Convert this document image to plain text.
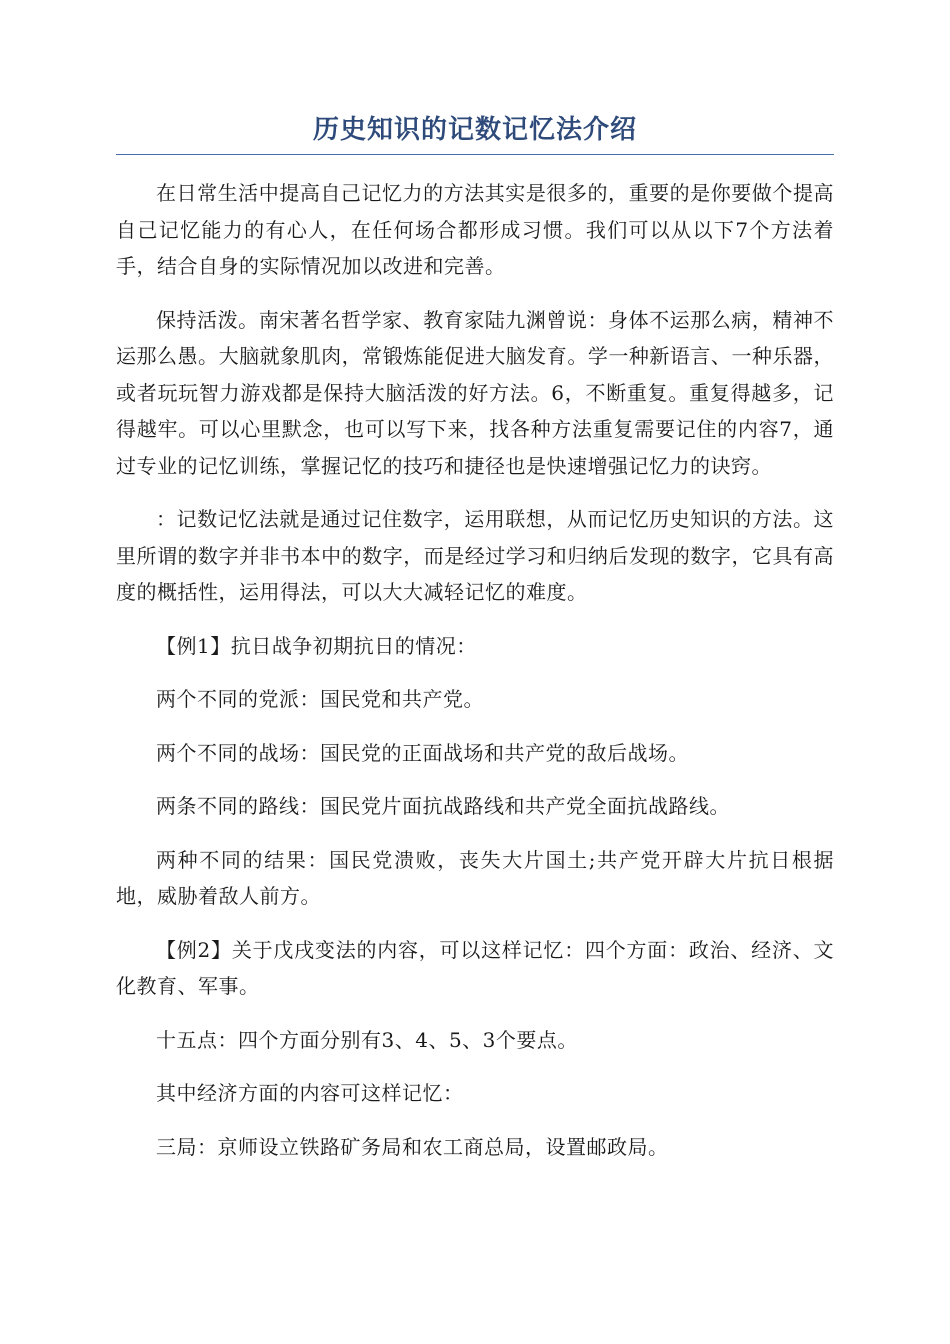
历史知识的记数记忆法介绍

在日常生活中提高自己记忆力的方法其实是很多的，重要的是你要做个提高自己记忆能力的有心人，在任何场合都形成习惯。我们可以从以下7个方法着手，结合自身的实际情况加以改进和完善。

保持活泼。南宋著名哲学家、教育家陆九渊曾说：身体不运那么病，精神不运那么愚。大脑就象肌肉，常锻炼能促进大脑发育。学一种新语言、一种乐器，或者玩玩智力游戏都是保持大脑活泼的好方法。6，不断重复。重复得越多，记得越牢。可以心里默念，也可以写下来，找各种方法重复需要记住的内容7，通过专业的记忆训练，掌握记忆的技巧和捷径也是快速增强记忆力的诀窍。

：记数记忆法就是通过记住数字，运用联想，从而记忆历史知识的方法。这里所谓的数字并非书本中的数字，而是经过学习和归纳后发现的数字，它具有高度的概括性，运用得法，可以大大减轻记忆的难度。

【例1】抗日战争初期抗日的情况：

两个不同的党派：国民党和共产党。

两个不同的战场：国民党的正面战场和共产党的敌后战场。

两条不同的路线：国民党片面抗战路线和共产党全面抗战路线。

两种不同的结果：国民党溃败，丧失大片国土;共产党开辟大片抗日根据地，威胁着敌人前方。

【例2】关于戊戌变法的内容，可以这样记忆：四个方面：政治、经济、文化教育、军事。

十五点：四个方面分别有3、4、5、3个要点。

其中经济方面的内容可这样记忆：

三局：京师设立铁路矿务局和农工商总局，设置邮政局。
